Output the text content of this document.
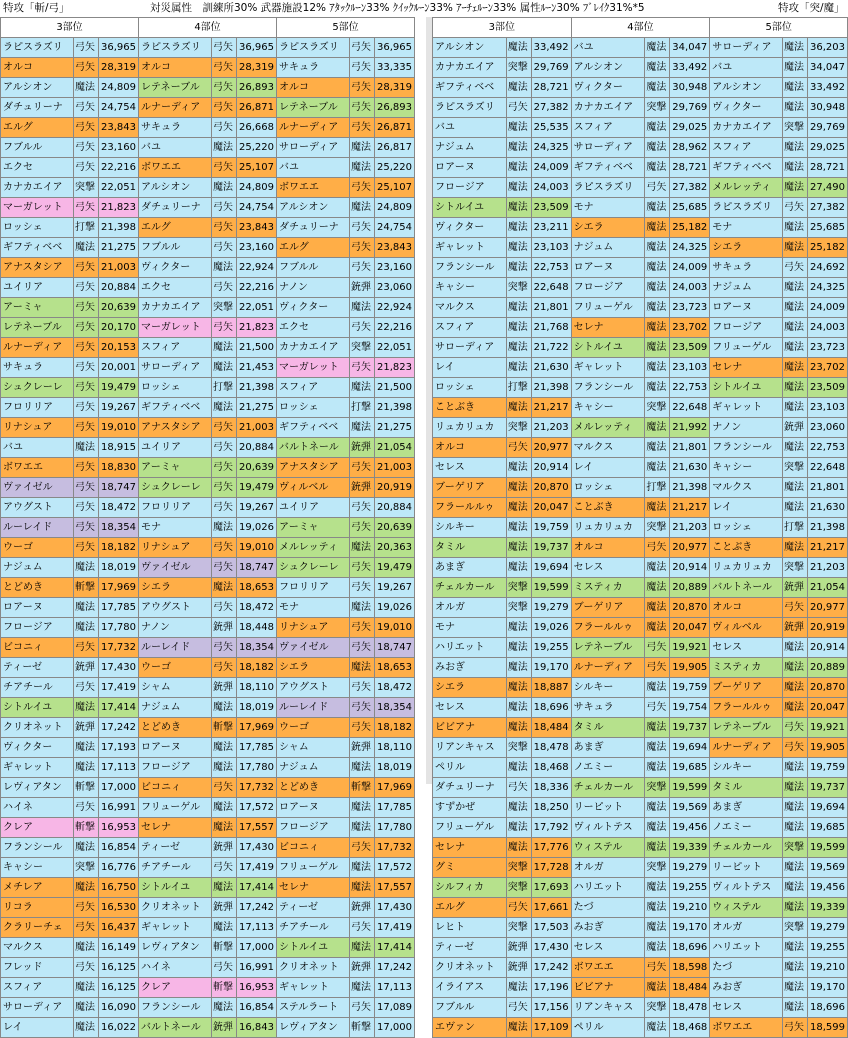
特攻「斬/弓」	対災属性　訓練所30% 武器施設12% ｱﾀｯｸﾙｰﾝ33% ｸｲｯｸﾙｰﾝ33% ｱｰﾁｪﾙｰﾝ33% 属性ﾙｰﾝ30% ﾌﾞﾚｲｸ31%*5	特攻「突/魔」
3部位			4部位			5部位		
ラピスラズリ	弓矢	36,965	ラピスラズリ	弓矢	36,965	ラピスラズリ	弓矢	36,965
オルコ	弓矢	28,319	オルコ	弓矢	28,319	サキュラ	弓矢	33,335
アルシオン	魔法	24,809	レテネーブル	弓矢	26,893	オルコ	弓矢	28,319
ダチュリーナ	弓矢	24,754	ルナーディア	弓矢	26,871	レテネーブル	弓矢	26,893
エルグ	弓矢	23,843	サキュラ	弓矢	26,668	ルナーディア	弓矢	26,871
フブルル	弓矢	23,160	バユ	魔法	25,220	サローディア	魔法	26,817
エクセ	弓矢	22,216	ボワエエ	弓矢	25,107	バユ	魔法	25,220
カナカエイア	突撃	22,051	アルシオン	魔法	24,809	ボワエエ	弓矢	25,107
マーガレット	弓矢	21,823	ダチュリーナ	弓矢	24,754	アルシオン	魔法	24,809
ロッシェ	打撃	21,398	エルグ	弓矢	23,843	ダチュリーナ	弓矢	24,754
ギフティベベ	魔法	21,275	フブルル	弓矢	23,160	エルグ	弓矢	23,843
アナスタシア	弓矢	21,003	ヴィクター	魔法	22,924	フブルル	弓矢	23,160
ユイリア	弓矢	20,884	エクセ	弓矢	22,216	ナノン	銃弾	23,060
アーミャ	弓矢	20,639	カナカエイア	突撃	22,051	ヴィクター	魔法	22,924
レテネーブル	弓矢	20,170	マーガレット	弓矢	21,823	エクセ	弓矢	22,216
ルナーディア	弓矢	20,153	スフィア	魔法	21,500	カナカエイア	突撃	22,051
サキュラ	弓矢	20,001	サローディア	魔法	21,453	マーガレット	弓矢	21,823
シュクレーレ	弓矢	19,479	ロッシェ	打撃	21,398	スフィア	魔法	21,500
フロリリア	弓矢	19,267	ギフティベベ	魔法	21,275	ロッシェ	打撃	21,398
リナシュア	弓矢	19,010	アナスタシア	弓矢	21,003	ギフティベベ	魔法	21,275
バユ	魔法	18,915	ユイリア	弓矢	20,884	バルトネール	銃弾	21,054
ボワエエ	弓矢	18,830	アーミャ	弓矢	20,639	アナスタシア	弓矢	21,003
ヴァイゼル	弓矢	18,747	シュクレーレ	弓矢	19,479	ヴィルベル	銃弾	20,919
アウグスト	弓矢	18,472	フロリリア	弓矢	19,267	ユイリア	弓矢	20,884
ルーレイド	弓矢	18,354	モナ	魔法	19,026	アーミャ	弓矢	20,639
ウーゴ	弓矢	18,182	リナシュア	弓矢	19,010	メルレッティ	魔法	20,363
ナジュム	魔法	18,019	ヴァイゼル	弓矢	18,747	シュクレーレ	弓矢	19,479
とどめき	斬撃	17,969	シエラ	魔法	18,653	フロリリア	弓矢	19,267
ロアーヌ	魔法	17,785	アウグスト	弓矢	18,472	モナ	魔法	19,026
フロージア	魔法	17,780	ナノン	銃弾	18,448	リナシュア	弓矢	19,010
ビコニィ	弓矢	17,732	ルーレイド	弓矢	18,354	ヴァイゼル	弓矢	18,747
ティーゼ	銃弾	17,430	ウーゴ	弓矢	18,182	シエラ	魔法	18,653
チアチール	弓矢	17,419	シャム	銃弾	18,110	アウグスト	弓矢	18,472
シトルイユ	魔法	17,414	ナジュム	魔法	18,019	ルーレイド	弓矢	18,354
クリオネット	銃弾	17,242	とどめき	斬撃	17,969	ウーゴ	弓矢	18,182
ヴィクター	魔法	17,193	ロアーヌ	魔法	17,785	シャム	銃弾	18,110
ギャレット	魔法	17,113	フロージア	魔法	17,780	ナジュム	魔法	18,019
レヴィアタン	斬撃	17,000	ビコニィ	弓矢	17,732	とどめき	斬撃	17,969
ハイネ	弓矢	16,991	フリューゲル	魔法	17,572	ロアーヌ	魔法	17,785
クレア	斬撃	16,953	セレナ	魔法	17,557	フロージア	魔法	17,780
フランシール	魔法	16,854	ティーゼ	銃弾	17,430	ビコニィ	弓矢	17,732
キャシー	突撃	16,776	チアチール	弓矢	17,419	フリューゲル	魔法	17,572
メチレア	魔法	16,750	シトルイユ	魔法	17,414	セレナ	魔法	17,557
リコラ	弓矢	16,530	クリオネット	銃弾	17,242	ティーゼ	銃弾	17,430
クラリーチェ	弓矢	16,437	ギャレット	魔法	17,113	チアチール	弓矢	17,419
マルクス	魔法	16,149	レヴィアタン	斬撃	17,000	シトルイユ	魔法	17,414
フレッド	弓矢	16,125	ハイネ	弓矢	16,991	クリオネット	銃弾	17,242
スフィア	魔法	16,125	クレア	斬撃	16,953	ギャレット	魔法	17,113
サローディア	魔法	16,090	フランシール	魔法	16,854	ステルラート	弓矢	17,089
レイ	魔法	16,022	バルトネール	銃弾	16,843	レヴィアタン	斬撃	17,000
3部位			4部位			5部位		
アルシオン	魔法	33,492	バユ	魔法	34,047	サローディア	魔法	36,203
カナカエイア	突撃	29,769	アルシオン	魔法	33,492	バユ	魔法	34,047
ギフティベベ	魔法	28,721	ヴィクター	魔法	30,948	アルシオン	魔法	33,492
ラピスラズリ	弓矢	27,382	カナカエイア	突撃	29,769	ヴィクター	魔法	30,948
バユ	魔法	25,535	スフィア	魔法	29,025	カナカエイア	突撃	29,769
ナジュム	魔法	24,325	サローディア	魔法	28,962	スフィア	魔法	29,025
ロアーヌ	魔法	24,009	ギフティベベ	魔法	28,721	ギフティベベ	魔法	28,721
フロージア	魔法	24,003	ラピスラズリ	弓矢	27,382	メルレッティ	魔法	27,490
シトルイユ	魔法	23,509	モナ	魔法	25,685	ラピスラズリ	弓矢	27,382
ヴィクター	魔法	23,211	シエラ	魔法	25,182	モナ	魔法	25,685
ギャレット	魔法	23,103	ナジュム	魔法	24,325	シエラ	魔法	25,182
フランシール	魔法	22,753	ロアーヌ	魔法	24,009	サキュラ	弓矢	24,692
キャシー	突撃	22,648	フロージア	魔法	24,003	ナジュム	魔法	24,325
マルクス	魔法	21,801	フリューゲル	魔法	23,723	ロアーヌ	魔法	24,009
スフィア	魔法	21,768	セレナ	魔法	23,702	フロージア	魔法	24,003
サローディア	魔法	21,722	シトルイユ	魔法	23,509	フリューゲル	魔法	23,723
レイ	魔法	21,630	ギャレット	魔法	23,103	セレナ	魔法	23,702
ロッシェ	打撃	21,398	フランシール	魔法	22,753	シトルイユ	魔法	23,509
ことぶき	魔法	21,217	キャシー	突撃	22,648	ギャレット	魔法	23,103
リュカリュカ	突撃	21,203	メルレッティ	魔法	21,992	ナノン	銃弾	23,060
オルコ	弓矢	20,977	マルクス	魔法	21,801	フランシール	魔法	22,753
セレス	魔法	20,914	レイ	魔法	21,630	キャシー	突撃	22,648
ブーゲリア	魔法	20,870	ロッシェ	打撃	21,398	マルクス	魔法	21,801
フラールルゥ	魔法	20,047	ことぶき	魔法	21,217	レイ	魔法	21,630
シルキー	魔法	19,759	リュカリュカ	突撃	21,203	ロッシェ	打撃	21,398
タミル	魔法	19,737	オルコ	弓矢	20,977	ことぶき	魔法	21,217
あまぎ	魔法	19,694	セレス	魔法	20,914	リュカリュカ	突撃	21,203
チェルカール	突撃	19,599	ミスティカ	魔法	20,889	バルトネール	銃弾	21,054
オルガ	突撃	19,279	ブーゲリア	魔法	20,870	オルコ	弓矢	20,977
モナ	魔法	19,026	フラールルゥ	魔法	20,047	ヴィルベル	銃弾	20,919
ハリエット	魔法	19,255	レテネーブル	弓矢	19,921	セレス	魔法	20,914
みおぎ	魔法	19,170	ルナーディア	弓矢	19,905	ミスティカ	魔法	20,889
シエラ	魔法	18,887	シルキー	魔法	19,759	ブーゲリア	魔法	20,870
セレス	魔法	18,696	サキュラ	弓矢	19,754	フラールルゥ	魔法	20,047
ビビアナ	魔法	18,484	タミル	魔法	19,737	レテネーブル	弓矢	19,921
リアンキャス	突撃	18,478	あまぎ	魔法	19,694	ルナーディア	弓矢	19,905
ペリル	魔法	18,468	ノエミー	魔法	19,685	シルキー	魔法	19,759
ダチュリーナ	弓矢	18,336	チェルカール	突撃	19,599	タミル	魔法	19,737
すずかぜ	魔法	18,250	リーピット	魔法	19,569	あまぎ	魔法	19,694
フリューゲル	魔法	17,792	ヴィルトテス	魔法	19,456	ノエミー	魔法	19,685
セレナ	魔法	17,776	ウィステル	魔法	19,339	チェルカール	突撃	19,599
グミ	突撃	17,728	オルガ	突撃	19,279	リーピット	魔法	19,569
シルフィカ	突撃	17,693	ハリエット	魔法	19,255	ヴィルトテス	魔法	19,456
エルグ	弓矢	17,661	たづ	魔法	19,210	ウィステル	魔法	19,339
レヒト	突撃	17,503	みおぎ	魔法	19,170	オルガ	突撃	19,279
ティーゼ	銃弾	17,430	セレス	魔法	18,696	ハリエット	魔法	19,255
クリオネット	銃弾	17,242	ボワエエ	弓矢	18,598	たづ	魔法	19,210
イライアス	魔法	17,196	ビビアナ	魔法	18,484	みおぎ	魔法	19,170
フブルル	弓矢	17,156	リアンキャス	突撃	18,478	セレス	魔法	18,696
エヴァン	魔法	17,109	ペリル	魔法	18,468	ボワエエ	弓矢	18,599
